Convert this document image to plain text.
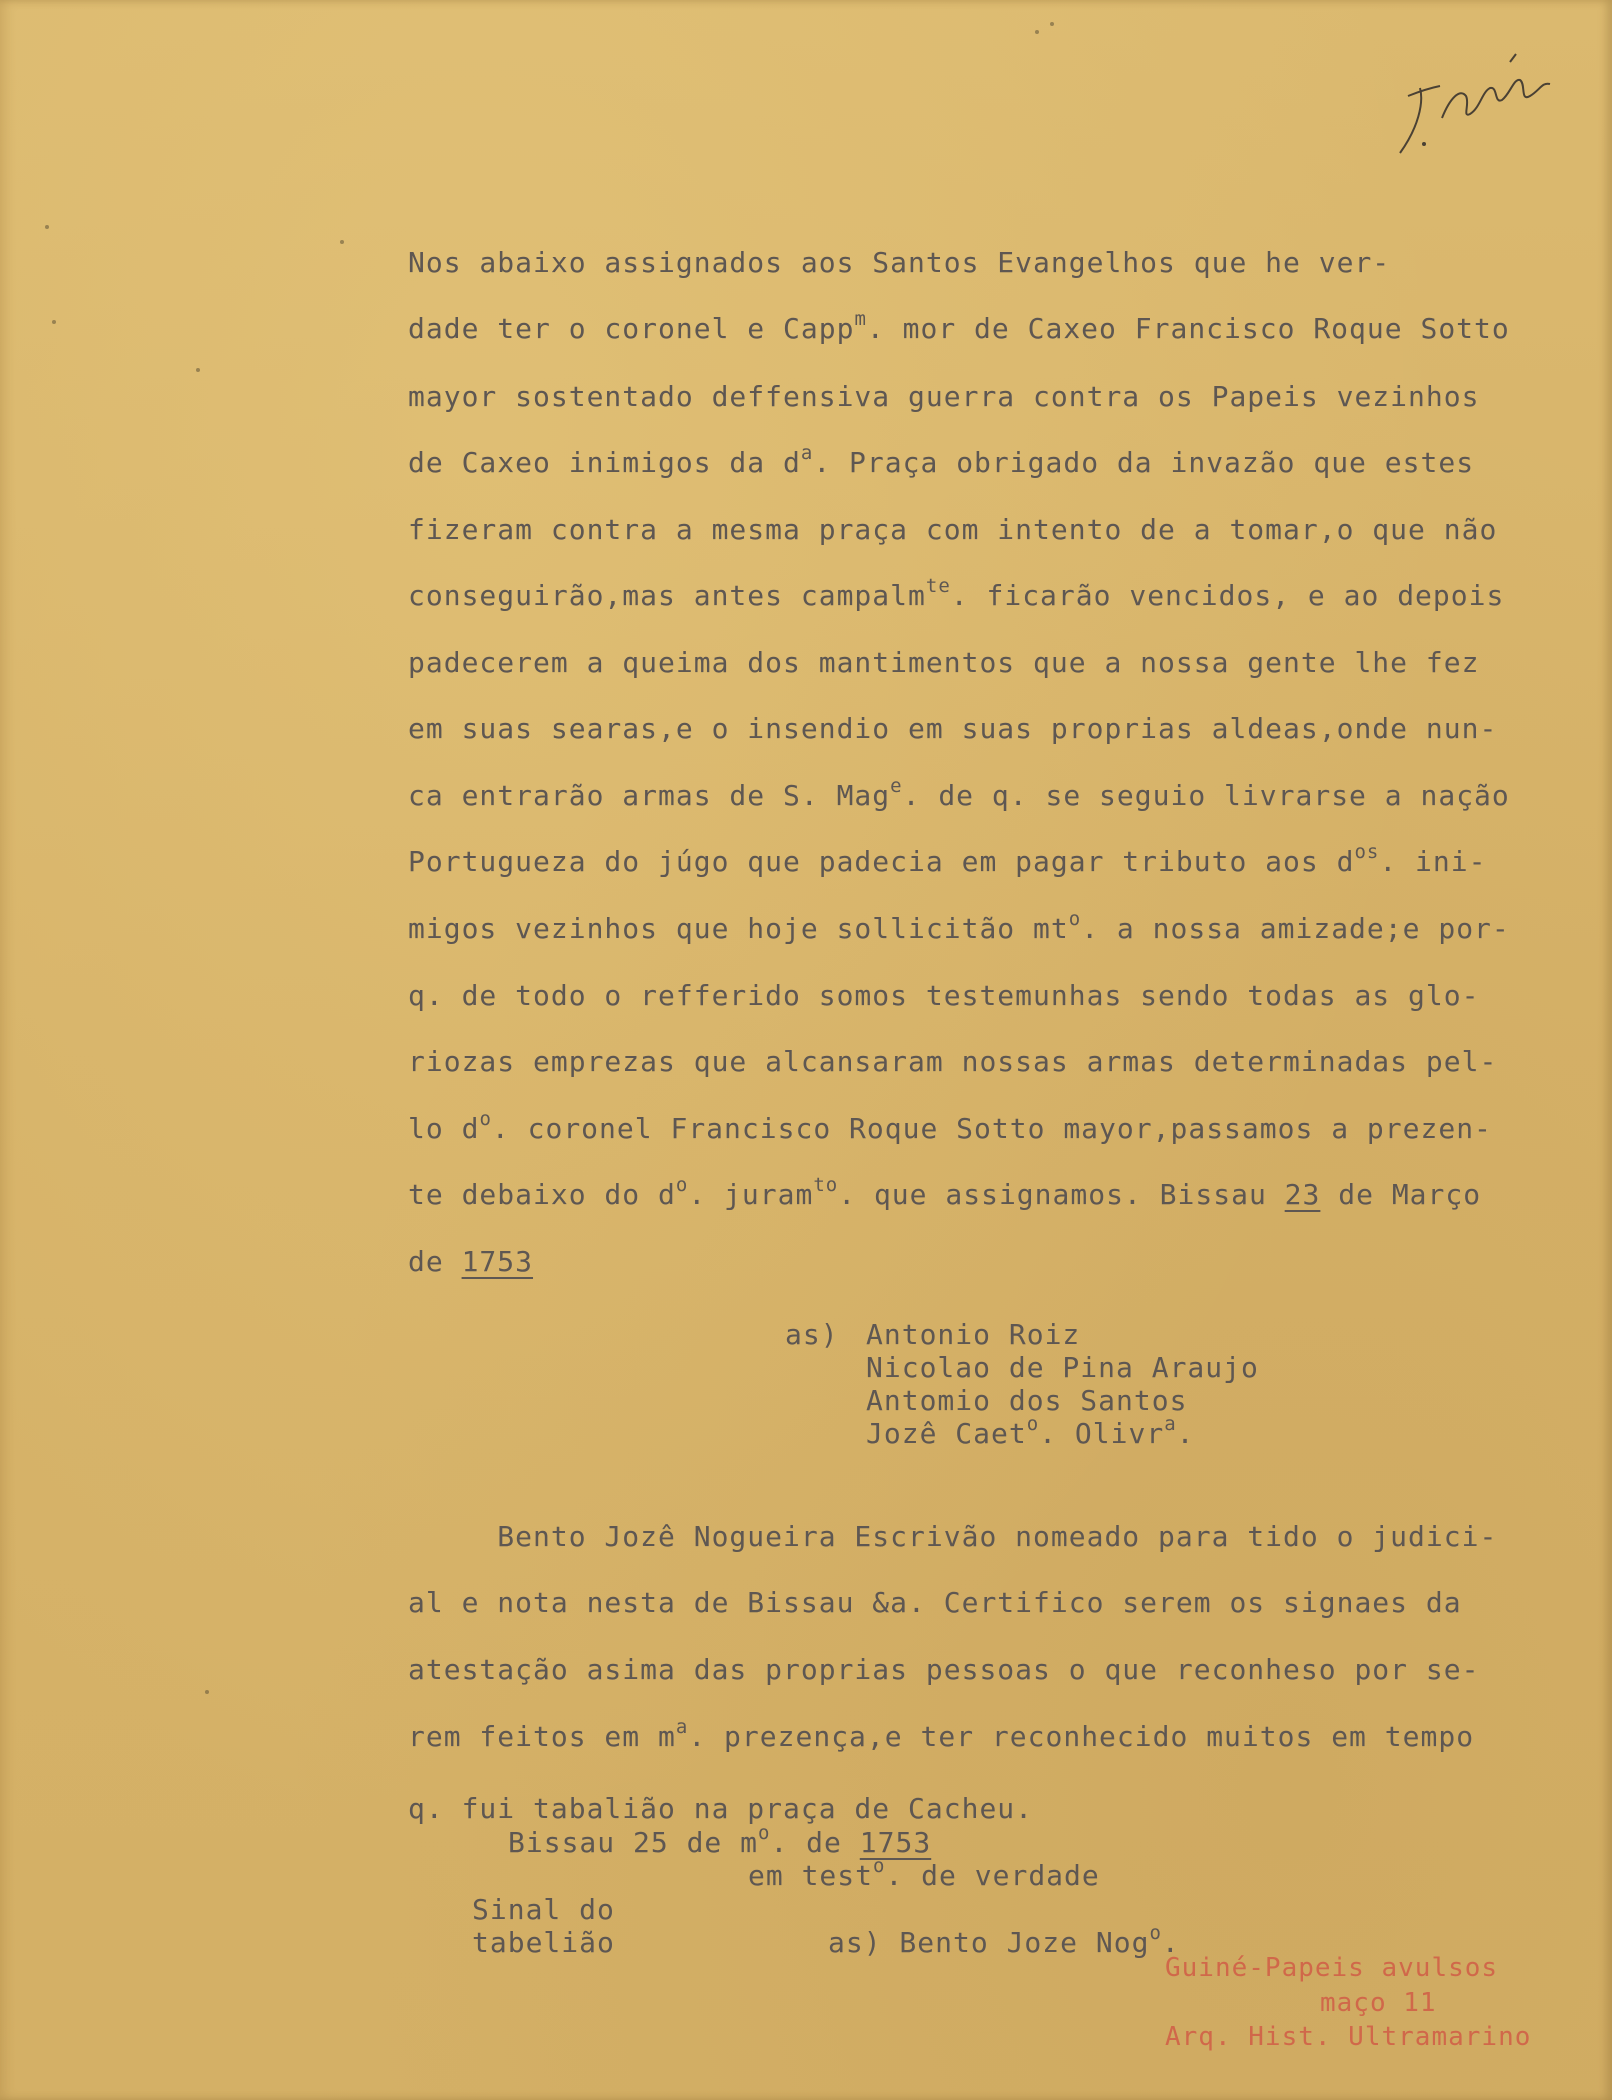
Nos abaixo assignados aos Santos Evangelhos que he ver-

dade ter o coronel e Capp$^m$. mor de Caxeo Francisco Roque Sotto

mayor sostentado deffensiva guerra contra os Papeis vezinhos

de Caxeo inimigos da $d^a$. Praça obrigado da invazão que estes

fizeram contra a mesma praça com intento de a tomar,o que não

conseguirão,mas antes campalm$^{te}$. ficarão vencidos, e ao depois

padecerem a queima dos mantimentos que a nossa gente lhe fez

em suas searas,e o insendio em suas proprias aldeas,onde nun-

ca entrarão armas de S. Mag$^e$. de q. se seguio livrarse a nação

Portugueza do júgo que padecia em pagar tributo aos $d^{os}$. ini-

migos vezinhos que hoje sollicitão $mt^o$. a nossa amizade;e por-

q. de todo o refferido somos testemunhas sendo todas as glo-

riozas emprezas que alcansaram nossas armas determinadas pel-

lo $d^o$. coronel Francisco Roque Sotto mayor,passamos a prezen-

te debaixo do $d^o$. juram$^{to}$. que assignamos. Bissau 23 de Março

de 1753

as)

Antonio Roiz

Nicolao de Pina Araujo

Antomio dos Santos

Jozê Caet$^o$. Olivr$^a$.

Bento Jozê Nogueira Escrivão nomeado para tido o judici-

al e nota nesta de Bissau &a. Certifico serem os signaes da

atestação asima das proprias pessoas o que reconheso por se-

rem feitos em $m^a$. prezença,e ter reconhecido muitos em tempo

q. fui tabalião na praça de Cacheu.

Bissau 25 de $m^o$. de 1753

em test$^o$. de verdade

Sinal do

tabelião

	as) Bento Joze Nog$^o$.

Guiné-Papeis avulsos
maço 11
Arq. Hist. Ultramarino
